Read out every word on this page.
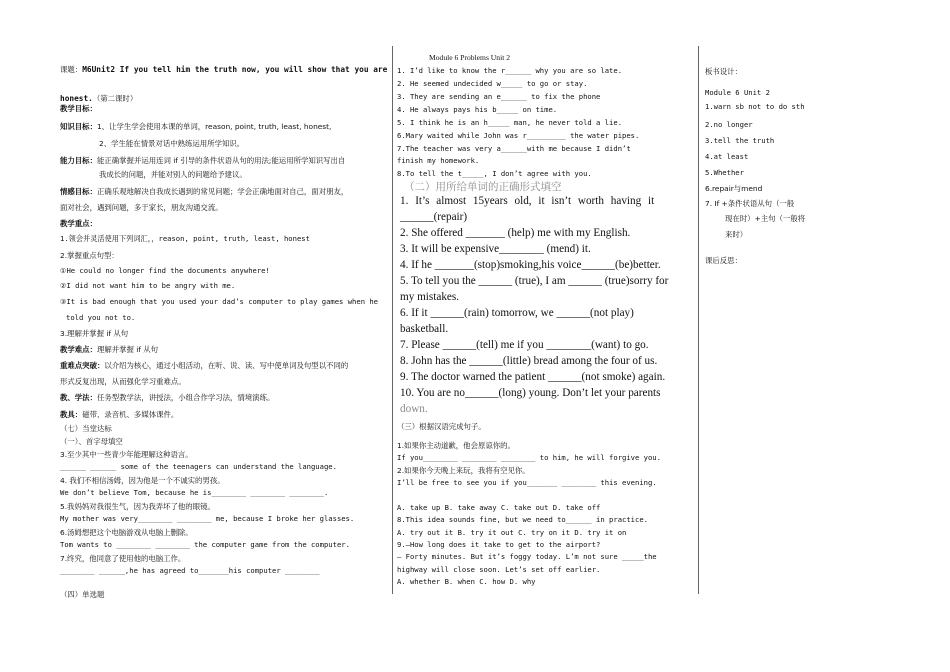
课题：M6Unit2 If you tell him the truth now, you will show that you are
honest.（第二课时）
教学目标：
知识目标：1、让学生学会使用本课的单词，reason, point, truth, least, honest,
2、学生能在情景对话中熟练运用所学知识。
能力目标：能正确掌握并运用连词 if 引导的条件状语从句的用法;能运用所学知识写出自
我成长的问题，并能对别人的问题给予建议。
情感目标：正确乐观地解决自我成长遇到的常见问题；学会正确地面对自己，面对朋友，
面对社会，遇到问题，多于家长，朋友沟通交流。
教学重点：
1.领会并灵活使用下列词汇，，reason, point, truth, least, honest
2.掌握重点句型：
①He could no longer find the documents anywhere!
②I did not want him to be angry with me.
③It is bad enough that you used your dad’s computer to play games when he
told you not to.
3.理解并掌握 if 从句
教学难点：理解并掌握 if 从句
重难点突破：以介绍为核心，通过小组活动，在听、说、读、写中使单词及句型以不同的
形式反复出现，从而强化学习重难点。
教、学法：任务型教学法，讲授法，小组合作学习法，情境演练。
教具：磁带、录音机、多媒体课件。
（七）当堂达标
（一）、首字母填空
3.至少其中一些青少年能理解这种语言。
______ ______ some of the teenagers can understand the language.
4. 我们不相信汤姆，因为他是一个不诚实的男孩。
We don’t believe Tom, because he is________ ________ ________.
5.我妈妈对我很生气，因为我弄坏了他的眼镜。
My mother was very________ ________ me, because I broke her glasses.
6.汤姆想把这个电脑游戏从电脑上删除。
Tom wants to ________ ________ the computer game from the computer.
7.终究，他同意了使用他的电脑工作。
________ ______,he has agreed to_______his computer ________
（四）单选题
Module 6 Problems Unit 2
1. I’d like to know the r______ why you are so late.
2. He seemed undecided w_____ to go or stay.
3. They are sending an e______ to fix the phone
4. He always pays his b_____ on time.
5. I think he is an h_____ man, he never told a lie.
6.Mary waited while John was r_________ the water pipes.
7.The teacher was very a______with me because I didn’t
finish my homework.
8.To tell the t_____, I don’t agree with you.
（二）用所给单词的正确形式填空
1. It’s almost 15years old, it isn’t worth having it
______(repair)
2. She offered _______ (help) me with my English.
3. It will be expensive________ (mend) it.
4. If he _______(stop)smoking,his voice______(be)better.
5. To tell you the ______ (true), I am ______ (true)sorry for
my mistakes.
6. If it ______(rain) tomorrow, we ______(not play)
basketball.
7. Please ______(tell) me if you ________(want) to go.
8. John has the ______(little) bread among the four of us.
9. The doctor warned the patient ______(not smoke) again.
10. You are no______(long) young. Don’t let your parents
down.
（三）根据汉语完成句子。
1.如果你主动道歉，他会原谅你的。
If you________ ________ ________ to him, he will forgive you.
2.如果你今天晚上来玩，我将有空见你。
I’ll be free to see you if you_______ ________ this evening.
A. take up B. take away C. take out D. take off
8.This idea sounds fine, but we need to______ in practice.
A. try out it B. try it out C. try on it D. try it on
9.—How long does it take to get to the airport?
— Forty minutes. But it’s foggy today. L’m not sure _____the
highway will close soon. Let’s set off earlier.
A. whether B. when C. how D. why
板书设计：
Module 6 Unit 2
1.warn sb not to do sth
2.no longer
3.tell the truth
4.at least
5.Whether
6.repair与mend
7. If +条件状语从句（一般
现在时）+主句（一般将
来时）
课后反思：
